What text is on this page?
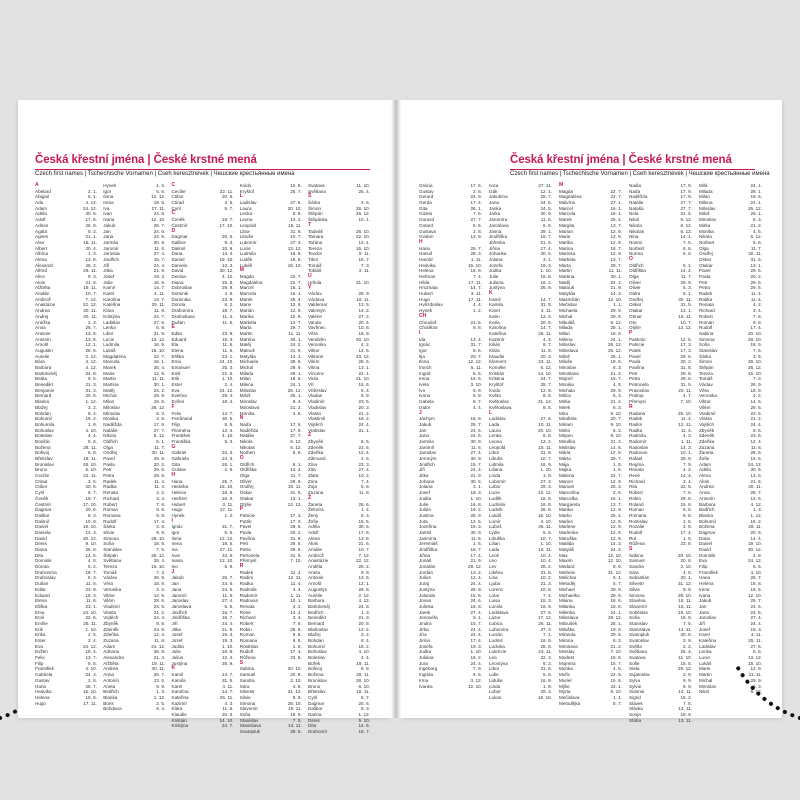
Česká křestní jména | České krstné mená
Czech first names | Tschechische Vornamen | Cseh keresztnevek | Чешские крестьянные имена
A
Abelard	2. 1.
Abigail	6. 1.
Ada	4. 12.
Adam	24. 12.
Adéla	30. 6.
Adolf	17. 6.
Adrian	26. 8.
Agáta	5. 2.
Agnes	21. 1.
Alan	18. 11.
Albert	20. 4.
Albína	1. 3.
Alena	13. 8.
Alexandr	26. 2.
Alfred	26. 11.
Alice	9. 3.
Alois	21. 6.
Alžběta	19. 11.
Amálie	10. 7.
Ambrož	7. 12.
Anastázie	22. 12.
Andrea	30. 11.
Andrej	30. 11.
Anežka	2. 3.
Anna	26. 7.
Antonie	13. 6.
Antonín	13. 6.
Arnošt	12. 1.
Augustin	28. 8.
Aurelie	2. 12.
Bára	4. 12.
Barbora	4. 12.
Bartoloměj	24. 8.
Beáta	9. 5.
Benedikt	21. 3.
Benjamin	31. 3.
Bernard	20. 8.
Blanka	1. 12.
Blažej	3. 2.
Bohdan	8. 4.
Bohumil	16. 2.
Bohumila	1. 9.
Bohuslav	4. 10.
Boleslav	4. 4.
Bonifác	5. 6.
Božena	28. 11.
Bořivoj	6. 8.
Břetislav	18. 11.
Bronislav	28. 10.
Bruno	6. 10.
Cecílie	22. 11.
Ctirad	3. 5.
Ctibor	20. 6.
Cyril	5. 7.
Čeněk	19. 7.
Čestmír	17. 10.
Dagmar	20. 6.
Dalibor	8. 3.
Dalimil	10. 9.
Daniel	19. 10.
Daniela	12. 3.
David	30. 12.
Denis	9. 10.
Diana	25. 8.
Dita	14. 5.
Dominik	4. 8.
Dorota	6. 2.
Drahomíra	18. 7.
Drahoslav	6. 3.
Dušan	11. 5.
Edita	23. 9.
Eduard	18. 3.
Elena	11. 6.
Eliška	23. 1.
Ema	24. 10.
Emil	22. 5.
Emílie	25. 11.
Erik	1. 10.
Erika	2. 5.
Ester	2. 4.
Eva	24. 12.
Evžen	18. 4.
Felix	13. 7.
Filip	5. 5.
František	4. 10.
Gabriela	24. 3.
Gustav	2. 8.
Hana	25. 7.
Hedvika	15. 10.
Helena	18. 8.
Hugo	17. 11.
Hynek	1. 2.
Igor	5. 6.
Ilona	12. 12.
Irena	19. 5.
Iva	27. 11.
Ivan	24. 6.
Ivana	12. 10.
Jakub	25. 7.
Jan	24. 6.
Jana	24. 5.
Jarmila	30. 9.
Jaromír	11. 6.
Jaroslav	27. 4.
Jindřich	15. 7.
Jiří	24. 4.
Jitka	21. 9.
Josef	19. 3.
Julie	16. 8.
Kamil	14. 7.
Karel	4. 11.
Karolína	14. 7.
Kateřina	25. 11.
Klára	11. 8.
Kristýna	24. 7.
Ladislav	27. 6.
Lenka	6. 8.
Libor	31. 8.
Lucie	13. 12.
Ludmila	16. 9.
Lukáš	18. 10.
Magdaléna	22. 7.
Marcela	16. 1.
Marek	25. 4.
Marie	12. 9.
Martin	11. 11.
Martina	30. 1.
Matěj	24. 2.
Michal	29. 9.
Milan	18. 6.
Miloslav	26. 12.
Miroslav	6. 3.
Monika	4. 5.
Naděžda	17. 9.
Natálie	27. 7.
Nikola	6. 12.
Oldřich	5. 1.
Olga	11. 7.
Ondřej	30. 11.
Pavel	29. 6.
Pavla	20. 2.
Petr	29. 6.
Petra	29. 6.
Radek	11. 4.
Radka	11. 4.
Renata	4. 2.
Richard	3. 4.
Robert	7. 6.
Roman	9. 8.
Romana	9. 8.
Rudolf	17. 4.
Šárka	3. 6.
Silvie	9. 9.
Simona	28. 10.
Soňa	18. 9.
Stanislav	7. 5.
Štěpán	26. 12.
Světlana	25. 4.
Tereza	15. 10.
Tomáš	7. 3.
Václav	28. 9.
Věra	18. 9.
Veronika	4. 2.
Viktor	14. 5.
Vilém	28. 5.
Vladimír	23. 5.
Vlasta	21. 2.
Vojtěch	24. 4.
Zbyněk	8. 5.
Zdeněk	23. 6.
Zdeňka	12. 4.
Zuzana	11. 8.
Adam	24. 12.
Adriana	26. 8.
Alexandra	21. 4.
Alžběta	19. 11.
Andrea	30. 11.
Anna	26. 7.
Antonín	13. 6.
Aneta	9. 9.
Bedřich	1. 3.
Blanka	1. 12.
Boris	2. 5.
Bohdana	8. 4.
C
Cecílie	22. 11.
Ctibor	20. 6.
Ctirad	3. 5.
Cyril	5. 7.
Č
Čeněk	19. 7.
Čestmír	17. 10.
D
Dagmar	20. 6.
Dalibor	8. 3.
Dalimil	10. 9.
Dana	14. 4.
Daniel	19. 10.
Daniela	12. 3.
David	30. 12.
Denisa	4. 12.
Diana	25. 8.
Dobroslav	29. 9.
Dominik	4. 8.
Dominika	23. 9.
Dorota	6. 2.
Drahomíra	18. 7.
Drahoslava	11. 4.
Dušan	11. 5.
E
Edita	23. 9.
Eduard	18. 3.
Ela	11. 6.
Elena	11. 6.
Eliška	23. 1.
Ema	24. 10.
Emanuel	25. 3.
Emil	22. 5.
Erik	1. 10.
Ester	2. 4.
Eva	24. 12.
Evelína	29. 4.
Evžen	18. 4.
F
Felix	13. 7.
Ferdinand	30. 5.
Filip	5. 5.
Filoména	12. 4.
František	4. 10.
Františka	9. 3.
G
Gabriel	24. 3.
Gabriela	24. 3.
Gita	26. 1.
Gustav	2. 8.
H
Hana	25. 7.
Hedvika	15. 10.
Helena	18. 8.
Herbert	16. 3.
Hubert	3. 11.
Hugo	17. 11.
Hynek	1. 2.
I
Ignác	31. 7.
Igor	5. 6.
Ilona	12. 12.
Irena	19. 5.
Iva	27. 11.
Ivan	24. 6.
Ivana	12. 10.
Ivo	5. 9.
J
Jakub	25. 7.
Jan	24. 6.
Jana	24. 5.
Jaromír	11. 6.
Jaroslav	27. 4.
Jaroslava	6. 6.
Jindřich	15. 7.
Jindřiška	16. 7.
Jiří	24. 4.
Jitka	21. 9.
Josef	19. 3.
Jozef	19. 3.
Judita	1. 10.
Julie	16. 8.
Julius	12. 4.
Justýna	26. 9.
K
Kamil	14. 7.
Kamila	31. 5.
Karel	4. 11.
Karolína	14. 7.
Kateřina	25. 11.
Kazimír	4. 3.
Klára	11. 8.
Klaudie	20. 3.
Kristián	14. 10.
Kristýna	24. 7.
Kvido	12. 9.
Kryštof	25. 7.
L
Ladislav	27. 6.
Laura	20. 10.
Lenka	6. 8.
Leona	13. 2.
Leopold	15. 11.
Libor	31. 8.
Libuše	10. 7.
Lubomír	27. 3.
Lucie	13. 12.
Ludmila	16. 9.
Luděk	18. 8.
Lukáš	18. 10.
M
Magda	22. 7.
Magdaléna	22. 7.
Marcel	16. 1.
Marcela	16. 1.
Marek	25. 4.
Marie	12. 9.
Marián	12. 9.
Marika	12. 9.
Markéta	13. 7.
Marta	29. 7.
Martin	11. 11.
Martina	30. 1.
Matěj	24. 2.
Matouš	21. 9.
Matylda	14. 3.
Michaela	29. 9.
Michal	29. 9.
Milada	28. 1.
Milan	18. 6.
Milena	24. 1.
Miloslav	26. 12.
Miloš	25. 1.
Miroslav	6. 3.
Miroslava	21. 2.
Monika	4. 5.
N
Naďa	17. 9.
Naděžda	17. 9.
Natálie	27. 7.
Nikola	6. 12.
Nikolas	6. 12.
Norbert	6. 6.
O
Oldřich	5. 1.
Oldřiška	14. 2.
Olga	11. 7.
Oliver	29. 9.
Ondřej	30. 11.
Oskar	31. 5.
Otakar	13. 1.
Otýlie	13. 12.
P
Patricie	17. 3.
Patrik	17. 3.
Pavel	29. 6.
Pavla	20. 2.
Pavlína	31. 8.
Petr	29. 6.
Petra	29. 6.
Petronela	31. 5.
Přemysl	7. 10.
R
Radek	11. 4.
Radim	12. 11.
Radka	11. 4.
Radmila	4. 3.
Radomír	1. 11.
Radovan	10. 1.
Renata	4. 2.
René	14. 4.
Richard	3. 4.
Robert	7. 6.
Robin	29. 8.
Roman	9. 8.
Romana	9. 8.
Rostislav	1. 5.
Rudolf	17. 4.
Růžena	23. 8.
S
Sabina	20. 10.
Samuel	20. 8.
Sandra	2. 10.
Sára	4. 8.
Silvestr	31. 12.
Silvie	9. 9.
Simona	28. 10.
Slavomír	15. 11.
Soňa	18. 9.
Stanislav	7. 5.
Stanislava	13. 11.
Svatopluk	30. 8.
Svatava	11. 10.
Světlana	25. 4.
Š
Šárka	3. 6.
Šimon	28. 10.
Štěpán	26. 12.
Štěpánka	10. 1.
T
Tadeáš	28. 10.
Tamara	22. 10.
Taťána	12. 1.
Tereza	15. 10.
Teodor	9. 11.
Tibor	16. 7.
Tomáš	7. 3.
Tobiáš	2. 11.
U
Uršula	21. 10.
V
Václav	28. 9.
Václava	16. 11.
Valdemar	13. 5.
Valentýn	14. 2.
Valérie	27. 2.
Vanda	20. 4.
Vavřinec	10. 8.
Věra	18. 9.
Vendelín	20. 10.
Veronika	4. 2.
Viktor	14. 5.
Viktorie	23. 12.
Vilém	28. 5.
Vilma	13. 1.
Vincenc	22. 1.
Viola	21. 10.
Vít	15. 6.
Vítězslav	5. 4.
Vladan	6. 9.
Vladimír	23. 5.
Vladislav	20. 3.
Vlasta	21. 2.
Vlastimil	18. 2.
Vojtěch	24. 4.
Vratislav	31. 1.
Z
Zbyněk	8. 5.
Zdeněk	23. 6.
Zdeňka	12. 4.
Zikmund	2. 5.
Zina	23. 3.
Zita	27. 4.
Zlata	10. 2.
Zora	7. 4.
Zoja	5. 8.
Zuzana	11. 8.
Ž
Žaneta	28. 6.
Želmíra	1. 4.
Ženy	8. 3.
Žofie	15. 5.
Adéla	30. 6.
Adolf	17. 6.
Alena	13. 8.
Alois	21. 6.
Amálie	10. 7.
Ambrož	7. 12.
Anastázie	22. 12.
Anděla	25. 2.
Aneta	9. 9.
Antonie	13. 6.
Arnošt	12. 1.
Augustýn	28. 8.
Aurélie	2. 12.
Barbora	4. 12.
Bartoloměj	24. 8.
Bedřich	1. 3.
Benedikt	21. 3.
Bernard	20. 8.
Blahoslav	12. 2.
Blažej	3. 2.
Bohdan	8. 4.
Bohumil	16. 2.
Bohuslav	4. 10.
Boleslav	4. 4.
Bořek	19. 11.
Bořivoj	6. 8.
Božena	28. 11.
Bronislav	28. 10.
Bruno	6. 10.
Břetislav	18. 11.
Cyril	5. 7.
Dagmar	20. 6.
Dalibor	8. 3.
Darina	1. 12.
Denis	9. 10.
Dita	14. 5.
Drahomír	18. 7.
Česká křestní jména | České krstné mená
Czech first names | Tschechische Vornamen | Cseh keresztnevek | Чешские крестьянные имена
Grácia	17. 6.
Gustav	2. 8.
Gerard	24. 9.
Gerda	17. 4.
Gita	26. 1.
Gizela	7. 5.
Gorazd	27. 7.
Gotard	5. 5.
Gustava	2. 8.
Gvidon	12. 9.
H
Hana	25. 7.
Hanuš	28. 3.
Harold	1. 11.
Hedvika	15. 10.
Helena	18. 8.
Heřman	7. 4.
Hilda	17. 11.
Hroznata	14. 7.
Hubert	3. 11.
Hugo	17. 11.
Hvězdoslav	4. 4.
Hynek	1. 2.
CH
Chrudoš	21. 6.
Chotěbor	9. 8.
I
Ida	13. 4.
Ignác	31. 7.
Igor	5. 6.
Ilja	20. 7.
Ilona	12. 12.
Imrich	5. 11.
Ingrid	6. 5.
Irena	19. 5.
Iveta	3. 10.
Ivo	5. 9.
Ivona	5. 9.
Izabela	8. 7.
Izidor	4. 4.
J
Jáchym	16. 8.
Jakub	25. 7.
Jan	24. 6.
Jana	24. 5.
Jarmila	30. 9.
Jaromír	11. 6.
Jaroslav	27. 4.
Jeroným	30. 9.
Jindřich	15. 7.
Jiří	24. 4.
Jitka	21. 9.
Johana	30. 5.
Jolana	3. 1.
Josef	19. 3.
Judita	1. 10.
Julie	16. 8.
Julián	16. 2.
Justina	26. 9.
Juta	12. 5.
Jozefína	19. 3.
Jarmil	30. 9.
Jasmína	11. 5.
Jeremiáš	1. 5.
Jindřiška	16. 7.
Jiřina	17. 4.
Jonáš	21. 9.
Jonatán	29. 12.
Jordán	13. 2.
Julius	12. 4.
Juraj	24. 4.
Justýna	26. 9.
Jolanda	15. 6.
Jovan	24. 6.
Julinka	16. 8.
Jarek	27. 4.
Jenovéfa	3. 1.
Jindra	15. 7.
Jirka	24. 4.
Jíra	24. 4.
Jirina	17. 4.
Josefa	19. 3.
Judka	1. 10.
Juliána	16. 2.
Jura	24. 4.
Ingeborg	7. 9.
Ingrida	6. 5.
Irma	3. 12.
Ivanka	12. 10.
Ivica	27. 11.
Izák	12. 1.
Jakubína	25. 7.
Jana	24. 5.
Janka	24. 5.
Jarka	30. 9.
Jaromíra	11. 6.
Jaroslava	6. 6.
Jasna	29. 1.
Jindřiška	16. 7.
Jitřenka	21. 9.
Jiřina	17. 4.
Johanka	30. 5.
Jolana	3. 1.
Jozefa	19. 3.
Judita	1. 10.
Julie	16. 8.
Juliana	16. 2.
Justýna	26. 9.
K
Kamil	14. 7.
Kamila	31. 5.
Karel	4. 11.
Karin	12. 3.
Karla	20. 6.
Karolína	14. 7.
Kateřina	25. 11.
Kazimír	4. 3.
Kilián	8. 7.
Klára	11. 8.
Klaudie	20. 3.
Klement	23. 11.
Kornélie	6. 12.
Kristián	14. 10.
Kristina	24. 7.
Kryštof	25. 7.
Kvido	12. 9.
Kvĕta	8. 5.
Kvĕtoslav	31. 12.
Kvĕtoslava	8. 5.
L
Ladislav	27. 6.
Lada	10. 11.
Laura	20. 10.
Lenka	6. 8.
Leona	13. 2.
Leopold	15. 11.
Libor	31. 8.
Libuše	10. 7.
Lidmila	16. 9.
Liliana	1. 10.
Linda	1. 9.
Lubomír	27. 3.
Lubor	29. 3.
Lucie	13. 12.
Luděk	18. 8.
Ludmila	16. 9.
Ludvík	25. 8.
Lukáš	18. 10.
Lumír	4. 10.
Luboš	26. 11.
Lýdie	5. 8.
Libuška	10. 7.
Lilian	1. 10.
Lada	10. 11.
Leoš	10. 4.
Leo	10. 4.
Lev	26. 2.
Liběna	31. 8.
Lina	10. 2.
Ljuba	21. 3.
Lorenc	10. 8.
Lotar	7. 4.
Luisa	15. 3.
Lumila	16. 9.
Ladislava	27. 6.
Lázar	17. 12.
Ľubica	26. 11.
Lubomíra	27. 3.
Lucián	7. 1.
Ludmil	16. 9.
Ludvika	25. 8.
Lukrécie	23. 11.
Lea	22. 3.
Leontýna	6. 2.
Libor	31. 8.
Lidie	5. 8.
Liduše	16. 9.
Linda	1. 9.
Lubor	29. 3.
Lukas	18. 10.
M
Magda	22. 7.
Magdaléna	22. 7.
Malvína	27. 1.
Marcel	16. 1.
Marcela	16. 1.
Marek	25. 4.
Margita	13. 7.
Marian	12. 9.
Marie	12. 9.
Marika	12. 9.
Marina	18. 7.
Marinka	12. 9.
Markéta	13. 7.
Marta	29. 7.
Martin	11. 11.
Martina	30. 1.
Matěj	24. 2.
Matouš	21. 9.
Matylda	14. 3.
Maxmilián	12. 10.
Mečislav	1. 1.
Michaela	29. 9.
Michal	29. 9.
Mikuláš	6. 12.
Milada	28. 1.
Milan	18. 6.
Milena	24. 1.
Miloslav	26. 12.
Miloslava	26. 12.
Miloš	25. 1.
Miluše	19. 6.
Miroslav	6. 3.
Miroslava	21. 2.
Mojmír	15. 7.
Monika	4. 5.
Michala	29. 9.
Milica	6. 3.
Mirka	21. 2.
Mirek	6. 3.
Mira	9. 10.
Mirabela	20. 7.
Miriam	9. 10.
Mirko	6. 3.
Mirjam	9. 10.
Miruška	21. 2.
Mstislav	14. 6.
Mária	12. 9.
Márta	29. 7.
Mája	1. 5.
Majka	1. 5.
Malena	22. 7.
Manon	12. 9.
Manuel	25. 3.
Marcelína	2. 6.
Marcelka	16. 1.
Margareta	13. 7.
Marika	12. 9.
Marko	25. 4.
Marlen	12. 9.
Marlene	12. 9.
Marlenka	12. 9.
Maruška	12. 9.
Matilda	14. 3.
Matyáš	24. 2.
Max	12. 10.
Maxim	12. 10.
Medard	8. 6.
Melánie	31. 12.
Melichar	6. 1.
Metoděj	5. 7.
Michael	29. 9.
Michaelka	29. 9.
Milana	18. 6.
Milanka	18. 6.
Milenka	24. 1.
Miloslava	26. 12.
Miloušek	25. 1.
Miluška	19. 6.
Miranda	29. 6.
Mirona	6. 3.
Mirosava	21. 2.
Mnislav	7. 10.
Modest	15. 6.
Mojmíra	15. 7.
Monka	4. 5.
Mořic	22. 9.
Muriel	15. 8.
Mýlie	24. 1.
Myrta	6. 10.
Mečislava	1. 1.
Metodějka	5. 7.
Nadia	17. 9.
Naďa	17. 9.
Naděžda	17. 9.
Natálie	27. 7.
Nataša	27. 7.
Nela	31. 5.
Nikol	6. 12.
Nikola	6. 12.
Nikolas	6. 12.
Nina	14. 1.
Noemi	7. 5.
Norbert	6. 6.
Norma	6. 6.
O
Oldřich	5. 1.
Oldřiška	14. 2.
Olga	11. 7.
Oliver	29. 9.
Olivie	5. 3.
Oldra	5. 1.
Ondřej	30. 11.
Oskar	31. 5.
Otakar	13. 1.
Otmar	16. 11.
Oto	10. 7.
Otýlie	13. 12.
P
Pankrác	12. 5.
Patricie	17. 3.
Patrik	17. 3.
Pavel	29. 6.
Pavla	20. 2.
Pavlína	31. 8.
Petr	29. 6.
Petra	29. 6.
Petronela	31. 5.
Pravoslav	20. 11.
Prokop	4. 7.
Přemysl	7. 10.
R
Radana	25. 10.
Radek	11. 4.
Radim	12. 11.
Radka	11. 4.
Radmila	4. 3.
Radomír	1. 11.
Radoslav	14. 3.
Radovan	10. 1.
Rafael	29. 9.
Regína	7. 9.
Renata	4. 2.
René	14. 4.
Richard	3. 4.
Rita	22. 5.
Robert	7. 6.
Robin	29. 8.
Roland	15. 9.
Roman	9. 8.
Romana	9. 8.
Rostislav	1. 5.
Rozálie	4. 9.
Rudolf	17. 4.
Rut	1. 9.
Růžena	23. 8.
S
Sabina	20. 10.
Samuel	20. 8.
Sandra	2. 10.
Sára	4. 8.
Sebastián	20. 1.
Silvestr	31. 12.
Silvie	9. 9.
Simona	28. 10.
Slavěna	15. 11.
Slavomír	15. 11.
Soběslav	19. 10.
Soňa	18. 9.
Stanislav	7. 5.
Stanislava	13. 11.
Svatopluk	30. 8.
Svatoslav	3. 9.
Světla	2. 2.
Světlana	25. 4.
Svatava	11. 10.
Sofie	15. 5.
Stela	26. 12.
Svjatoslav	3. 9.
Sylva	9. 9.
Sylvie	9. 9.
Sidonie	14. 11.
Sigrid	15. 2.
Slávek	7. 5.
Slávka	13. 11.
Sonja	18. 9.
Stáňa	13. 11.
Milá	24. 1.
Milada	28. 1.
Milan	18. 6.
Milena	24. 1.
Miloslav	26. 12.
Miloš	25. 1.
Miroslav	6. 3.
Mirka	21. 2.
Monika	4. 5.
Nikola	6. 12.
Norbert	6. 6.
Olga	11. 7.
Ondřej	30. 11.
Oskar	31. 5.
Otakar	13. 1.
Pavel	29. 6.
Pavla	20. 2.
Petr	29. 6.
Petra	29. 6.
Radek	11. 4.
Radka	11. 4.
Renata	4. 2.
Richard	3. 4.
Robert	7. 6.
Roman	9. 8.
Rudolf	17. 4.
Sabina	20. 10.
Simona	28. 10.
Soňa	18. 9.
Stanislav	7. 5.
Šárka	3. 6.
Šimon	28. 10.
Štěpán	26. 12.
Tereza	15. 10.
Tomáš	7. 3.
Václav	28. 9.
Věra	18. 9.
Veronika	4. 2.
Viktor	14. 5.
Vilém	28. 5.
Vladimír	23. 5.
Vlasta	21. 2.
Vojtěch	24. 4.
Zbyněk	8. 5.
Zdeněk	23. 6.
Zdeňka	12. 4.
Zuzana	11. 8.
Žaneta	28. 6.
Žofie	15. 5.
Adam	24. 12.
Adéla	30. 6.
Alena	13. 8.
Alois	21. 6.
Andrea	30. 11.
Anna	26. 7.
Antonín	13. 6.
Barbora	4. 12.
Bedřich	1. 3.
Blanka	1. 12.
Bohumil	16. 2.
Božena	28. 11.
Dagmar	20. 6.
Dana	14. 4.
Daniel	19. 10.
David	30. 12.
Dominik	4. 8.
Eva	24. 12.
Filip	5. 5.
František	4. 10.
Hana	25. 7.
Helena	18. 8.
Irena	19. 5.
Ivana	12. 10.
Jakub	25. 7.
Jan	24. 6.
Jana	24. 5.
Jaroslav	27. 4.
Jiří	24. 4.
Josef	19. 3.
Karel	4. 11.
Kateřina	25. 11.
Ladislav	27. 6.
Lenka	6. 8.
Lucie	13. 12.
Lukáš	18. 10.
Marie	12. 9.
Martin	11. 11.
Michal	29. 9.
Miroslav	6. 3.
Nikol	6. 12.
